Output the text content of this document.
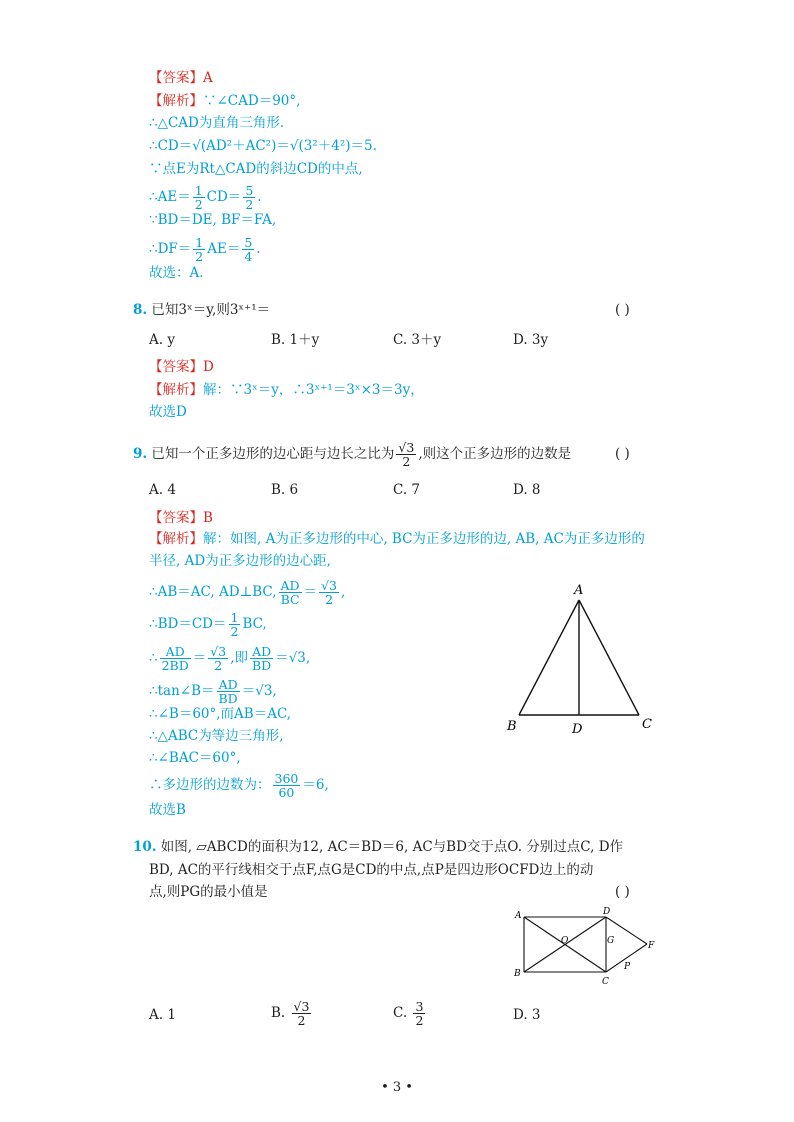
【答案】A
【解析】∵∠CAD＝90°,
∴△CAD为直角三角形.
∴CD＝√(AD²＋AC²)＝√(3²＋4²)＝5.
∵点E为Rt△CAD的斜边CD的中点,
∴AE＝ $\frac{1}{2} CD= \frac{5}{2}$ .
∵BD＝DE, BF＝FA,
∴DF＝ $\frac{1}{2} AE= \frac{5}{4}$ .
故选：A.
8. 已知3ˣ＝y,则3ˣ⁺¹＝	( )
A. y	B. 1＋y	C. 3＋y	D. 3y
【答案】D
【解析】解：∵3ˣ＝y，∴3ˣ⁺¹＝3ˣ×3＝3y，
故选D
9. 已知一个正多边形的边心距与边长之比为 $\frac{√3}{2}$ ,则这个正多边形的边数是	( )
A. 4	B. 6	C. 7	D. 8
【答案】B
【解析】解：如图, A为正多边形的中心, BC为正多边形的边, AB, AC为正多边形的
半径, AD为正多边形的边心距,
∴AB＝AC, AD⊥BC, $\frac{AD}{BC} = \frac{√3}{2}$ ,
∴BD＝CD＝ $\frac{1}{2}$ BC,
∴ $\frac{AD}{2BD} = \frac{√3}{2}$ ,即 $\frac{AD}{BD} =√3$,
∴tan∠B＝ $\frac{AD}{BD} =√3$,
∴∠B＝60°,而AB＝AC,
∴△ABC为等边三角形,
∴∠BAC＝60°,
∴多边形的边数为： $\frac{360}{60} =6$,
故选B
A
B	C
D
10. 如图, ▱ABCD的面积为12, AC＝BD＝6, AC与BD交于点O. 分别过点C, D作
BD, AC的平行线相交于点F,点G是CD的中点,点P是四边形OCFD边上的动
点,则PG的最小值是	( )
A
B
C
D
O	G	F
P
A. 1	B. $\frac{√3}{2}$	C. $\frac{3}{2}$	D. 3
• 3 •
